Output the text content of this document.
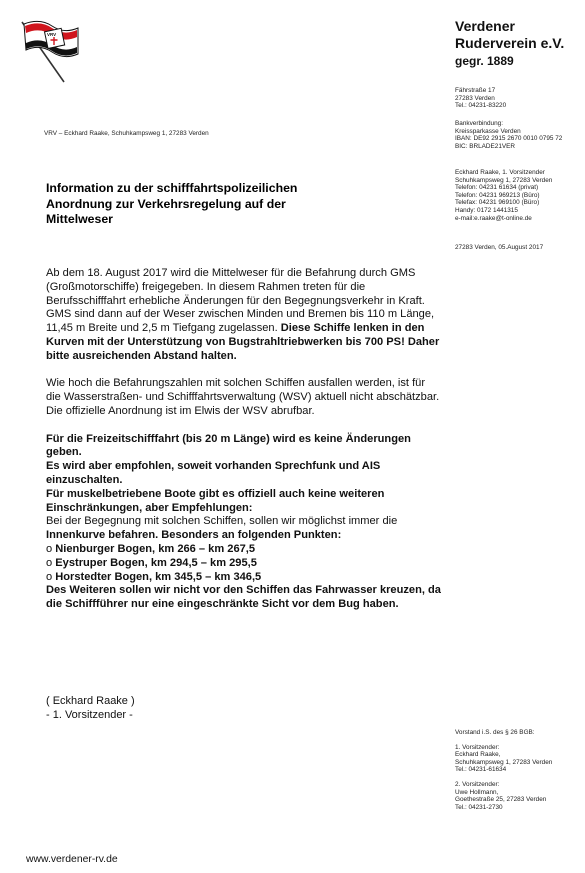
VRV
Verdener
Ruderverein e.V.
gegr. 1889
Fährstraße 17
27283 Verden
Tel.: 04231-83220
Bankverbindung:
Kreissparkasse Verden
IBAN: DE92 2915 2670 0010 0795 72
BIC: BRLADE21VER
Eckhard Raake, 1. Vorsitzender
Schuhkampsweg 1, 27283 Verden
Telefon: 04231 61634 (privat)
Telefon: 04231 969213 (Büro)
Telefax: 04231 969100 (Büro)
Handy: 0172 1441315
e-mail:e.raake@t-online.de
27283 Verden, 05.August 2017
VRV – Eckhard Raake, Schuhkampsweg 1, 27283 Verden
Information zu der schifffahrtspolizeilichen Anordnung zur Verkehrsregelung auf der Mittelweser

Ab dem 18. August 2017 wird die Mittelweser für die Befahrung durch GMS (Großmotorschiffe) freigegeben. In diesem Rahmen treten für die Berufsschifffahrt erhebliche Änderungen für den Begegnungsverkehr in Kraft.

GMS sind dann auf der Weser zwischen Minden und Bremen bis 110 m Länge, 11,45 m Breite und 2,5 m Tiefgang zugelassen. Diese Schiffe lenken in den Kurven mit der Unterstützung von Bugstrahltriebwerken bis 700 PS! Daher bitte ausreichenden Abstand halten.

Wie hoch die Befahrungszahlen mit solchen Schiffen ausfallen werden, ist für die Wasserstraßen- und Schifffahrtsverwaltung (WSV) aktuell nicht abschätzbar.

Die offizielle Anordnung ist im Elwis der WSV abrufbar.

Für die Freizeitschifffahrt (bis 20 m Länge) wird es keine Änderungen geben.

Es wird aber empfohlen, soweit vorhanden Sprechfunk und AIS einzuschalten.

Für muskelbetriebene Boote gibt es offiziell auch keine weiteren Einschränkungen, aber Empfehlungen:

Bei der Begegnung mit solchen Schiffen, sollen wir möglichst immer die

Innenkurve befahren. Besonders an folgenden Punkten:

o Nienburger Bogen, km 266 – km 267,5

o Eystruper Bogen, km 294,5 – km 295,5

o Horstedter Bogen, km 345,5 – km 346,5

Des Weiteren sollen wir nicht vor den Schiffen das Fahrwasser kreuzen, da die Schiffführer nur eine eingeschränkte Sicht vor dem Bug haben.

( Eckhard Raake )
- 1. Vorsitzender -
Vorstand i.S. des § 26 BGB:
1. Vorsitzender:
Eckhard Raake,
Schuhkampsweg 1, 27283 Verden
Tel.: 04231-61634
2. Vorsitzender:
Uwe Hollmann,
Goethestraße 25, 27283 Verden
Tel.: 04231-2730
www.verdener-rv.de
